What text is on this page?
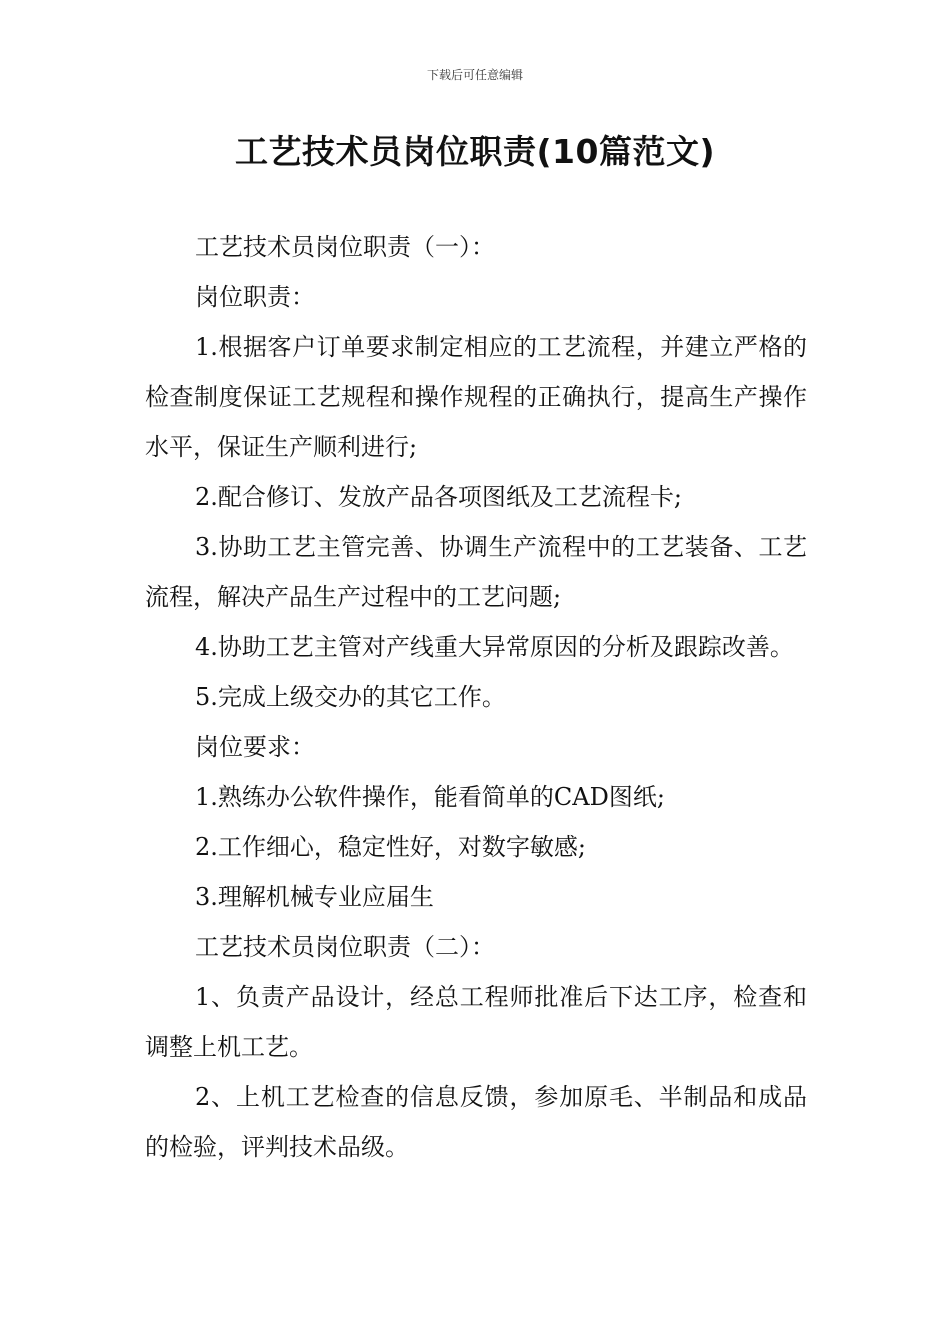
下载后可任意编辑
工艺技术员岗位职责(10篇范文)

工艺技术员岗位职责（一）：

岗位职责：

1.根据客户订单要求制定相应的工艺流程，并建立严格的检查制度保证工艺规程和操作规程的正确执行，提高生产操作水平，保证生产顺利进行;

2.配合修订、发放产品各项图纸及工艺流程卡;

3.协助工艺主管完善、协调生产流程中的工艺装备、工艺流程，解决产品生产过程中的工艺问题;

4.协助工艺主管对产线重大异常原因的分析及跟踪改善。

5.完成上级交办的其它工作。

岗位要求：

1.熟练办公软件操作，能看简单的CAD图纸;

2.工作细心，稳定性好，对数字敏感;

3.理解机械专业应届生

工艺技术员岗位职责（二）：

1、负责产品设计，经总工程师批准后下达工序，检查和调整上机工艺。

2、上机工艺检查的信息反馈，参加原毛、半制品和成品的检验，评判技术品级。
